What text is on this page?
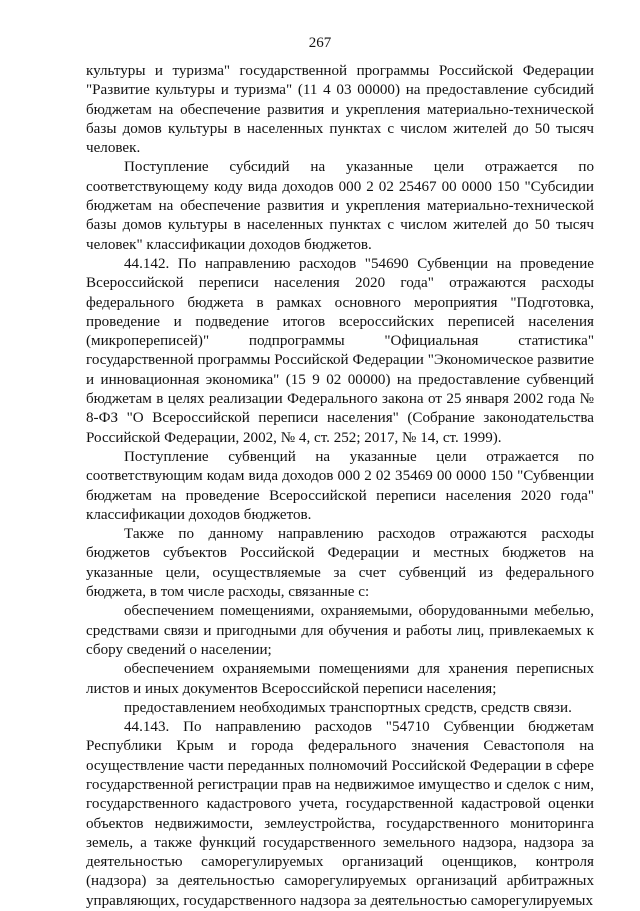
267

культуры и туризма" государственной программы Российской Федерации "Развитие культуры и туризма" (11 4 03 00000) на предоставление субсидий бюджетам на обеспечение развития и укрепления материально-технической базы домов культуры в населенных пунктах с числом жителей до 50 тысяч человек.

Поступление субсидий на указанные цели отражается по соответствующему коду вида доходов 000 2 02 25467 00 0000 150 "Субсидии бюджетам на обеспечение развития и укрепления материально-технической базы домов культуры в населенных пунктах с числом жителей до 50 тысяч человек" классификации доходов бюджетов.

44.142. По направлению расходов "54690 Субвенции на проведение Всероссийской переписи населения 2020 года" отражаются расходы федерального бюджета в рамках основного мероприятия "Подготовка, проведение и подведение итогов всероссийских переписей населения (микропереписей)" подпрограммы "Официальная статистика" государственной программы Российской Федерации "Экономическое развитие и инновационная экономика" (15 9 02 00000) на предоставление субвенций бюджетам в целях реализации Федерального закона от 25 января 2002 года № 8-ФЗ "О Всероссийской переписи населения" (Собрание законодательства Российской Федерации, 2002, № 4, ст. 252; 2017, № 14, ст. 1999).

Поступление субвенций на указанные цели отражается по соответствующим кодам вида доходов 000 2 02 35469 00 0000 150 "Субвенции бюджетам на проведение Всероссийской переписи населения 2020 года" классификации доходов бюджетов.

Также по данному направлению расходов отражаются расходы бюджетов субъектов Российской Федерации и местных бюджетов на указанные цели, осуществляемые за счет субвенций из федерального бюджета, в том числе расходы, связанные с:

обеспечением помещениями, охраняемыми, оборудованными мебелью, средствами связи и пригодными для обучения и работы лиц, привлекаемых к сбору сведений о населении;

обеспечением охраняемыми помещениями для хранения переписных листов и иных документов Всероссийской переписи населения;

предоставлением необходимых транспортных средств, средств связи.

44.143. По направлению расходов "54710 Субвенции бюджетам Республики Крым и города федерального значения Севастополя на осуществление части переданных полномочий Российской Федерации в сфере государственной регистрации прав на недвижимое имущество и сделок с ним, государственного кадастрового учета, государственной кадастровой оценки объектов недвижимости, землеустройства, государственного мониторинга земель, а также функций государственного земельного надзора, надзора за деятельностью саморегулируемых организаций оценщиков, контроля (надзора) за деятельностью саморегулируемых организаций арбитражных управляющих, государственного надзора за деятельностью саморегулируемых
